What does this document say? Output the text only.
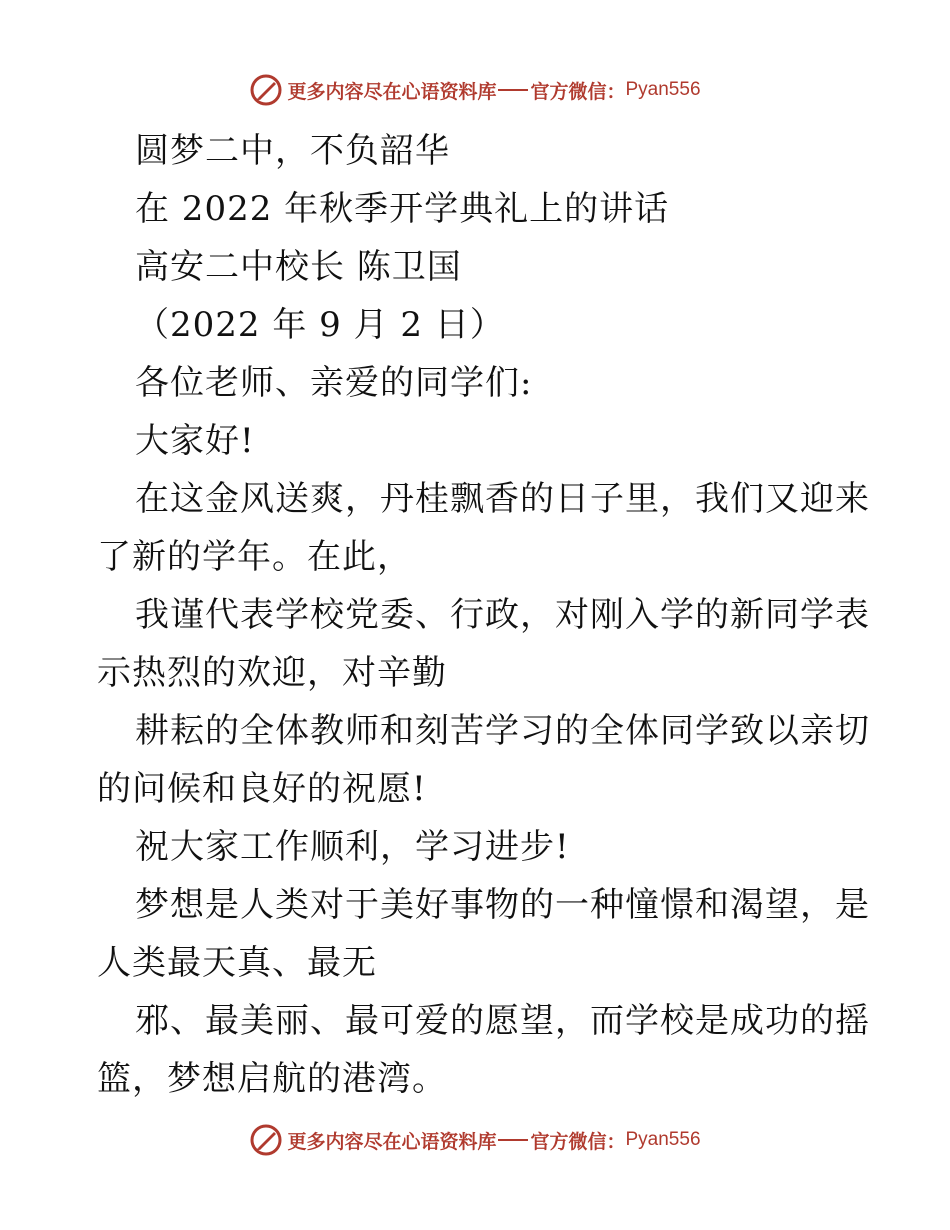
更多内容尽在心语资料库 官方微信： Pyan556
圆梦二中，不负韶华
在 2022 年秋季开学典礼上的讲话
高安二中校长 陈卫国
（2022 年 9 月 2 日）
各位老师、亲爱的同学们:
大家好!
在这金风送爽，丹桂飘香的日子里，我们又迎来
了新的学年。在此，
我谨代表学校党委、行政，对刚入学的新同学表
示热烈的欢迎，对辛勤
耕耘的全体教师和刻苦学习的全体同学致以亲切
的问候和良好的祝愿!
祝大家工作顺利，学习进步!
梦想是人类对于美好事物的一种憧憬和渴望，是
人类最天真、最无
邪、最美丽、最可爱的愿望，而学校是成功的摇
篮，梦想启航的港湾。
更多内容尽在心语资料库 官方微信： Pyan556
